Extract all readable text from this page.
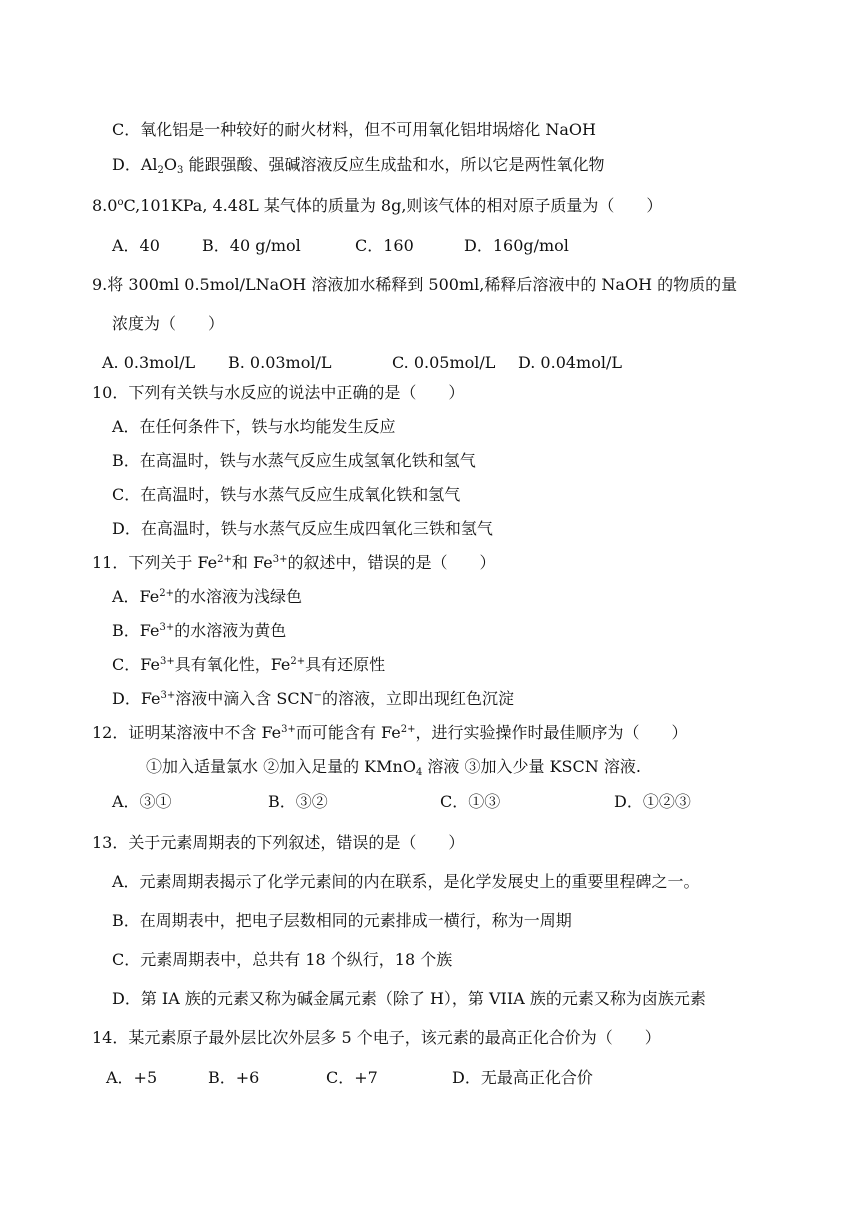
C．氧化铝是一种较好的耐火材料，但不可用氧化铝坩埚熔化 NaOH
D．$Al_2O_3$ 能跟强酸、强碱溶液反应生成盐和水，所以它是两性氧化物
8.0$^o$C,101KPa, 4.48L 某气体的质量为 8g,则该气体的相对原子质量为（　　）
A．40	B．40 g/mol	C．160	D．160g/mol
9.将 300ml 0.5mol/LNaOH 溶液加水稀释到 500ml,稀释后溶液中的 NaOH 的物质的量
浓度为（　　）
A. 0.3mol/L B. 0.03mol/L	C. 0.05mol/L D. 0.04mol/L
10．下列有关铁与水反应的说法中正确的是（　　）
A．在任何条件下，铁与水均能发生反应
B．在高温时，铁与水蒸气反应生成氢氧化铁和氢气
C．在高温时，铁与水蒸气反应生成氧化铁和氢气
D．在高温时，铁与水蒸气反应生成四氧化三铁和氢气
11．下列关于 $Fe^{2+}$和 $Fe^{3+}$的叙述中，错误的是（　　）
A．$Fe^{2+}$的水溶液为浅绿色
B．$Fe^{3+}$的水溶液为黄色
C．$Fe^{3+}$具有氧化性，$Fe^{2+}$具有还原性
D．$Fe^{3+}$溶液中滴入含 SCN−的溶液，立即出现红色沉淀
12．证明某溶液中不含 $Fe^{3+}$而可能含有 $Fe^{2+}$，进行实验操作时最佳顺序为（　　）
①加入适量氯水 ②加入足量的 KMnO$_4$ 溶液 ③加入少量 KSCN 溶液.
A．③①	B．③②	C．①③	D．①②③
13．关于元素周期表的下列叙述，错误的是（　　）
A．元素周期表揭示了化学元素间的内在联系，是化学发展史上的重要里程碑之一。
B．在周期表中，把电子层数相同的元素排成一横行，称为一周期
C．元素周期表中，总共有 18 个纵行，18 个族
D．第 IA 族的元素又称为碱金属元素（除了 H），第 VIIA 族的元素又称为卤族元素
14．某元素原子最外层比次外层多 5 个电子，该元素的最高正化合价为（　　）
A．+5	B．+6	C．+7	D．无最高正化合价
